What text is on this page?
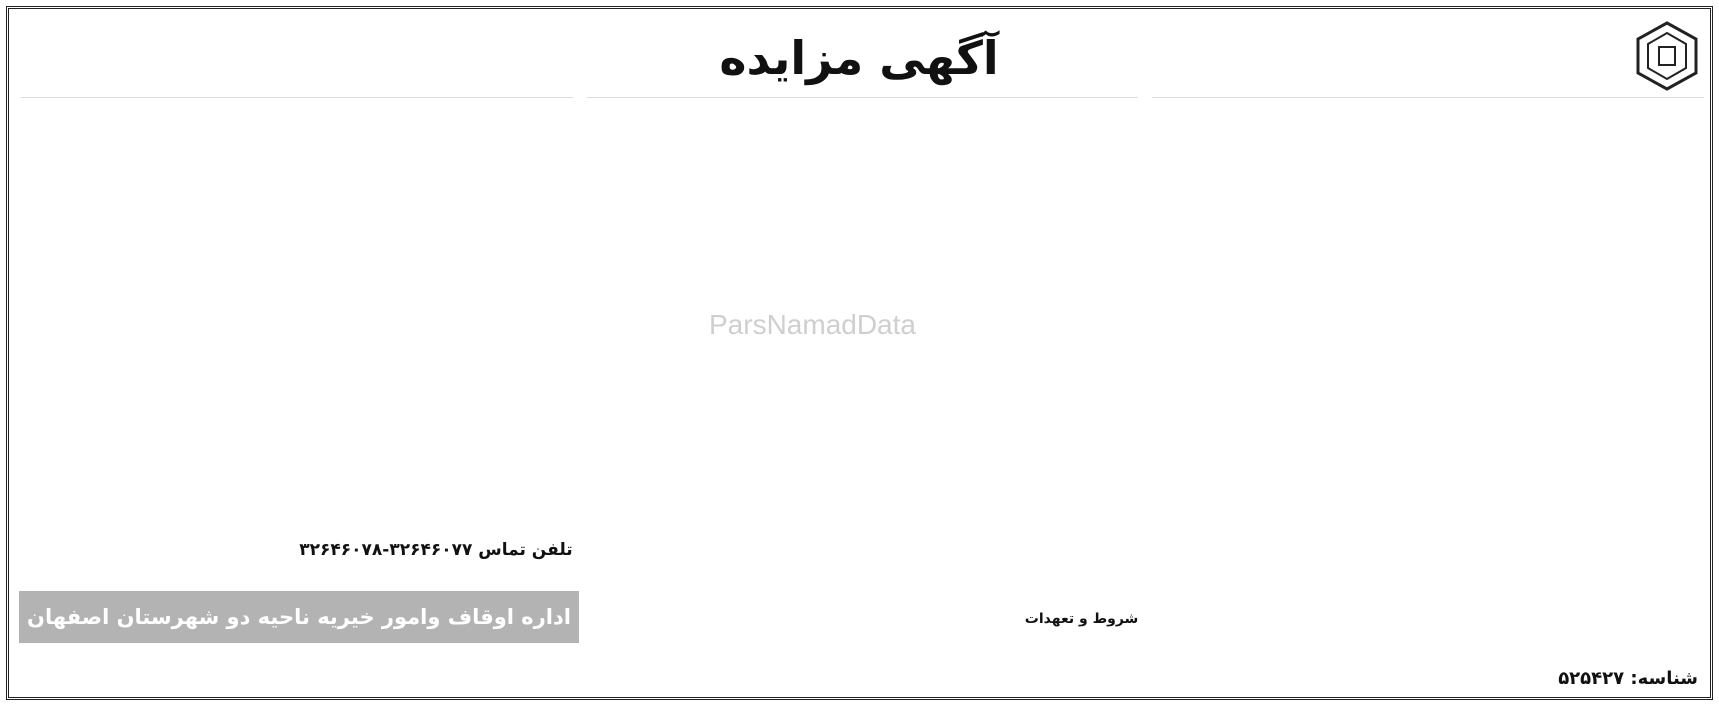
آگهی مزایده
شروط و تعهدات
تلفن تماس ۳۲۶۴۶۰۷۷-۳۲۶۴۶۰۷۸
ParsNamadData
اداره اوقاف وامور خیریه ناحیه دو شهرستان اصفهان
شناسه: ۵۲۵۴۲۷
